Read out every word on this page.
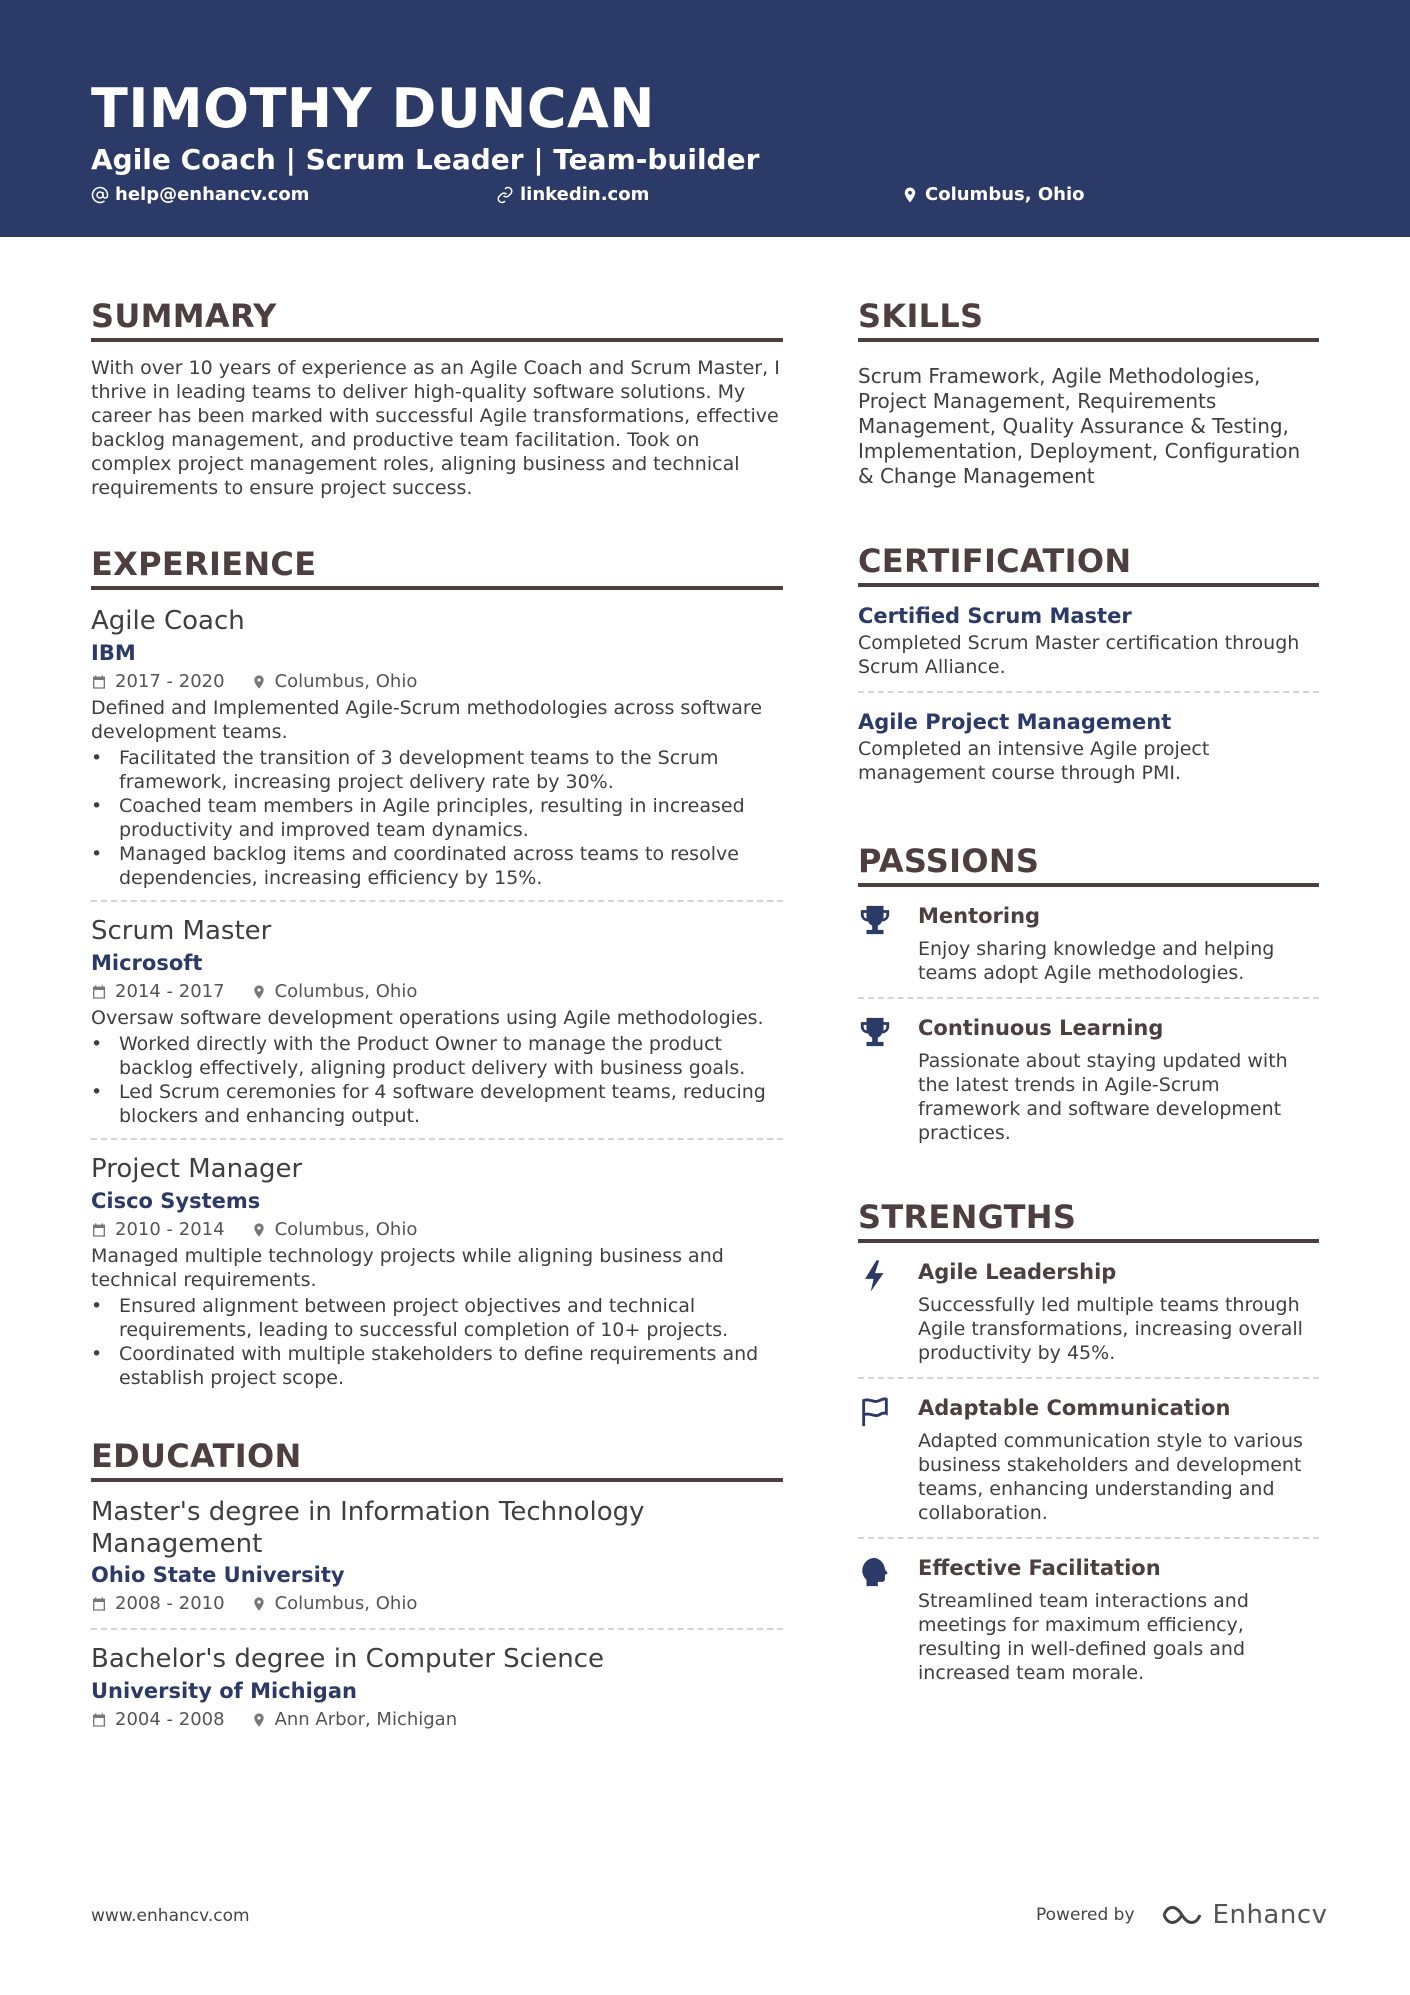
TIMOTHY DUNCAN
Agile Coach | Scrum Leader | Team-builder
help@enhancv.com	linkedin.com	Columbus, Ohio
SUMMARY
With over 10 years of experience as an Agile Coach and Scrum Master, I thrive in leading teams to deliver high-quality software solutions. My career has been marked with successful Agile transformations, effective backlog management, and productive team facilitation. Took on complex project management roles, aligning business and technical requirements to ensure project success.
EXPERIENCE
Agile Coach
IBM
2017 - 2020	Columbus, Ohio
Defined and Implemented Agile-Scrum methodologies across software development teams.
• Facilitated the transition of 3 development teams to the Scrum framework, increasing project delivery rate by 30%.
• Coached team members in Agile principles, resulting in increased productivity and improved team dynamics.
• Managed backlog items and coordinated across teams to resolve dependencies, increasing efficiency by 15%.
Scrum Master
Microsoft
2014 - 2017	Columbus, Ohio
Oversaw software development operations using Agile methodologies.
• Worked directly with the Product Owner to manage the product backlog effectively, aligning product delivery with business goals.
• Led Scrum ceremonies for 4 software development teams, reducing blockers and enhancing output.
Project Manager
Cisco Systems
2010 - 2014	Columbus, Ohio
Managed multiple technology projects while aligning business and technical requirements.
• Ensured alignment between project objectives and technical requirements, leading to successful completion of 10+ projects.
• Coordinated with multiple stakeholders to define requirements and establish project scope.
EDUCATION
Master's degree in Information Technology Management
Ohio State University
2008 - 2010	Columbus, Ohio
Bachelor's degree in Computer Science
University of Michigan
2004 - 2008	Ann Arbor, Michigan
SKILLS
Scrum Framework, Agile Methodologies, Project Management, Requirements Management, Quality Assurance & Testing, Implementation, Deployment, Configuration & Change Management
CERTIFICATION
Certified Scrum Master
Completed Scrum Master certification through Scrum Alliance.
Agile Project Management
Completed an intensive Agile project management course through PMI.
PASSIONS
Mentoring
Enjoy sharing knowledge and helping teams adopt Agile methodologies.
Continuous Learning
Passionate about staying updated with the latest trends in Agile-Scrum framework and software development practices.
STRENGTHS
Agile Leadership
Successfully led multiple teams through Agile transformations, increasing overall productivity by 45%.
Adaptable Communication
Adapted communication style to various business stakeholders and development teams, enhancing understanding and collaboration.
Effective Facilitation
Streamlined team interactions and meetings for maximum efficiency, resulting in well-defined goals and increased team morale.
www.enhancv.com	Powered by	Enhancv
